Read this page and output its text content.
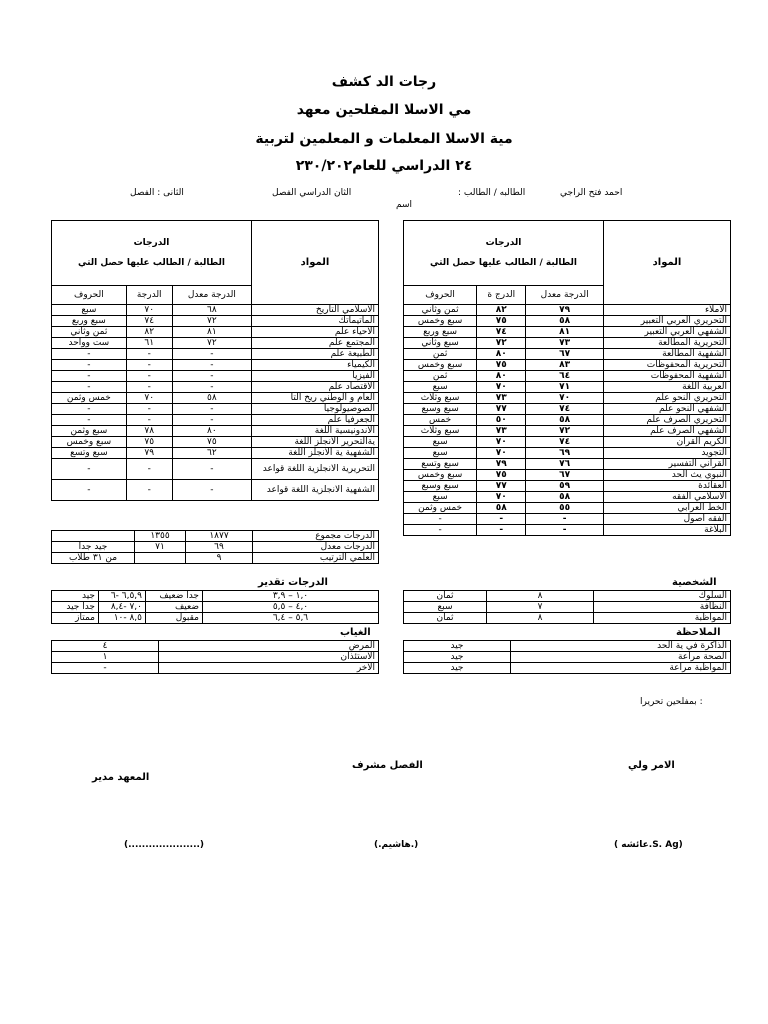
رجات الد كشف
مي الاسلا المفلحين معهد
مية الاسلا المعلمات و المعلمين لتربية
٢٤ الدراسي للعام٢٣٠/٢٠٢
احمد فتح الراجي
: الطالبه / الطالب
الثان الدراسي الفصل
الثانى : الفصل
اسم
الدرجات
الطالبة / الطالب عليها حصل التي			المواد
الحروف	الدرجة	الدرجة معدل	
سبع	٧٠	٦٨	الاسلامي التاريخ
سبع وربع	٧٤	٧٢	الماتيماتك
ثمن وثاني	٨٢	٨١	الاحياء علم
ست وواحد	٦١	٧٢	المجتمع علم
-	-	-	الطبيعة علم
-	-	-	الكيمياء
-	-	-	الفيزيا
-	-	-	الاقتصاد علم
خمس وثمن	٧٠	٥٨	العام و الوطني ريخ التا
-	-	-	الصوصيولوجيا
-	-	-	الجعرفيا علم
سبع وثمن	٧٨	٨٠	الاندونيسية اللغة
سبع وخمس	٧٥	٧٥	يةالتحرير الانجلز اللغة
سبع وتسع	٧٩	٦٢	الشفهية ية الانجلز اللغة
-	-	-	التحريرية الانجلزية اللغة قواعد
-	-	-	الشفهية الانجلزية اللغة قواعد
الدرجات
الطالبة / الطالب عليها حصل التي			المواد
الحروف	الدرج ة	الدرجة معدل	
ثمن وثاني	٨٢	٧٩	الاملاء
سبع وخمس	٧٥	٥٨	التحريري العربي التعبير
سبع وربع	٧٤	٨١	الشفهي العربي التعبير
سبع وثاني	٧٢	٧٣	التحريرية المطالعة
ثمن	٨٠	٦٧	الشفهية المطالعة
سبع وخمس	٧٥	٨٣	التحريرية المحفوظات
ثمن	٨٠	٦٤	الشفهية المحفوظات
سبع	٧٠	٧١	العربية اللغة
سبع وثلاث	٧٣	٧٠	التحريري النحو علم
سبع وسبع	٧٧	٧٤	الشفهي النحو علم
خمس	٥٠	٥٨	التحريري الصرف علم
سبع وثلاث	٧٣	٧٢	الشفهي الصرف علم
سبع	٧٠	٧٤	الكريم القران
سبع	٧٠	٦٩	التجويد
سبع وتسع	٧٩	٧٦	القراني التفسير
سبع وخمس	٧٥	٦٧	النبوي يث الحد
سبع وسبع	٧٧	٥٩	العقائدة
سبع	٧٠	٥٨	الاسلامي الفقه
خمس وثمن	٥٨	٥٥	الخط العرابي
-	-	-	الفقه اصول
-	-	-	البلاغة
	١٣٥٥	١٨٧٧	الدرجات مجموع
جيد جدا	٧١	٦٩	الدرجات معدل
من ٣١ طلاب		٩	العلمي الترتيب
الدرجات تقدير
جيد	٦,٥,٩ -٦	جدا ضعيف	١,٠ – ٣,٩
جدا جيد	٧,٠ -٨,٤	ضعيف	٤,٠ – ٥,٥
ممتاز	٨,٥ -١٠	مقبول	٥,٦ – ٦,٤
الشخصية
ثمان	٨	السلوك
سبع	٧	النظافة
ثمان	٨	المواظبة
الغياب
٤	المرض
١	الاستئذان
-	الاخر
الملاحظة
جيد	الذاكرة في ية الحد
جيد	الصحة مراعة
جيد	المواظبة مراعة
بمفلحين تحريرا :
الامر ولي
الفصل مشرف
المعهد مدير
( عائشه.S. Ag)
(.هاشيم.)
(.....................)
